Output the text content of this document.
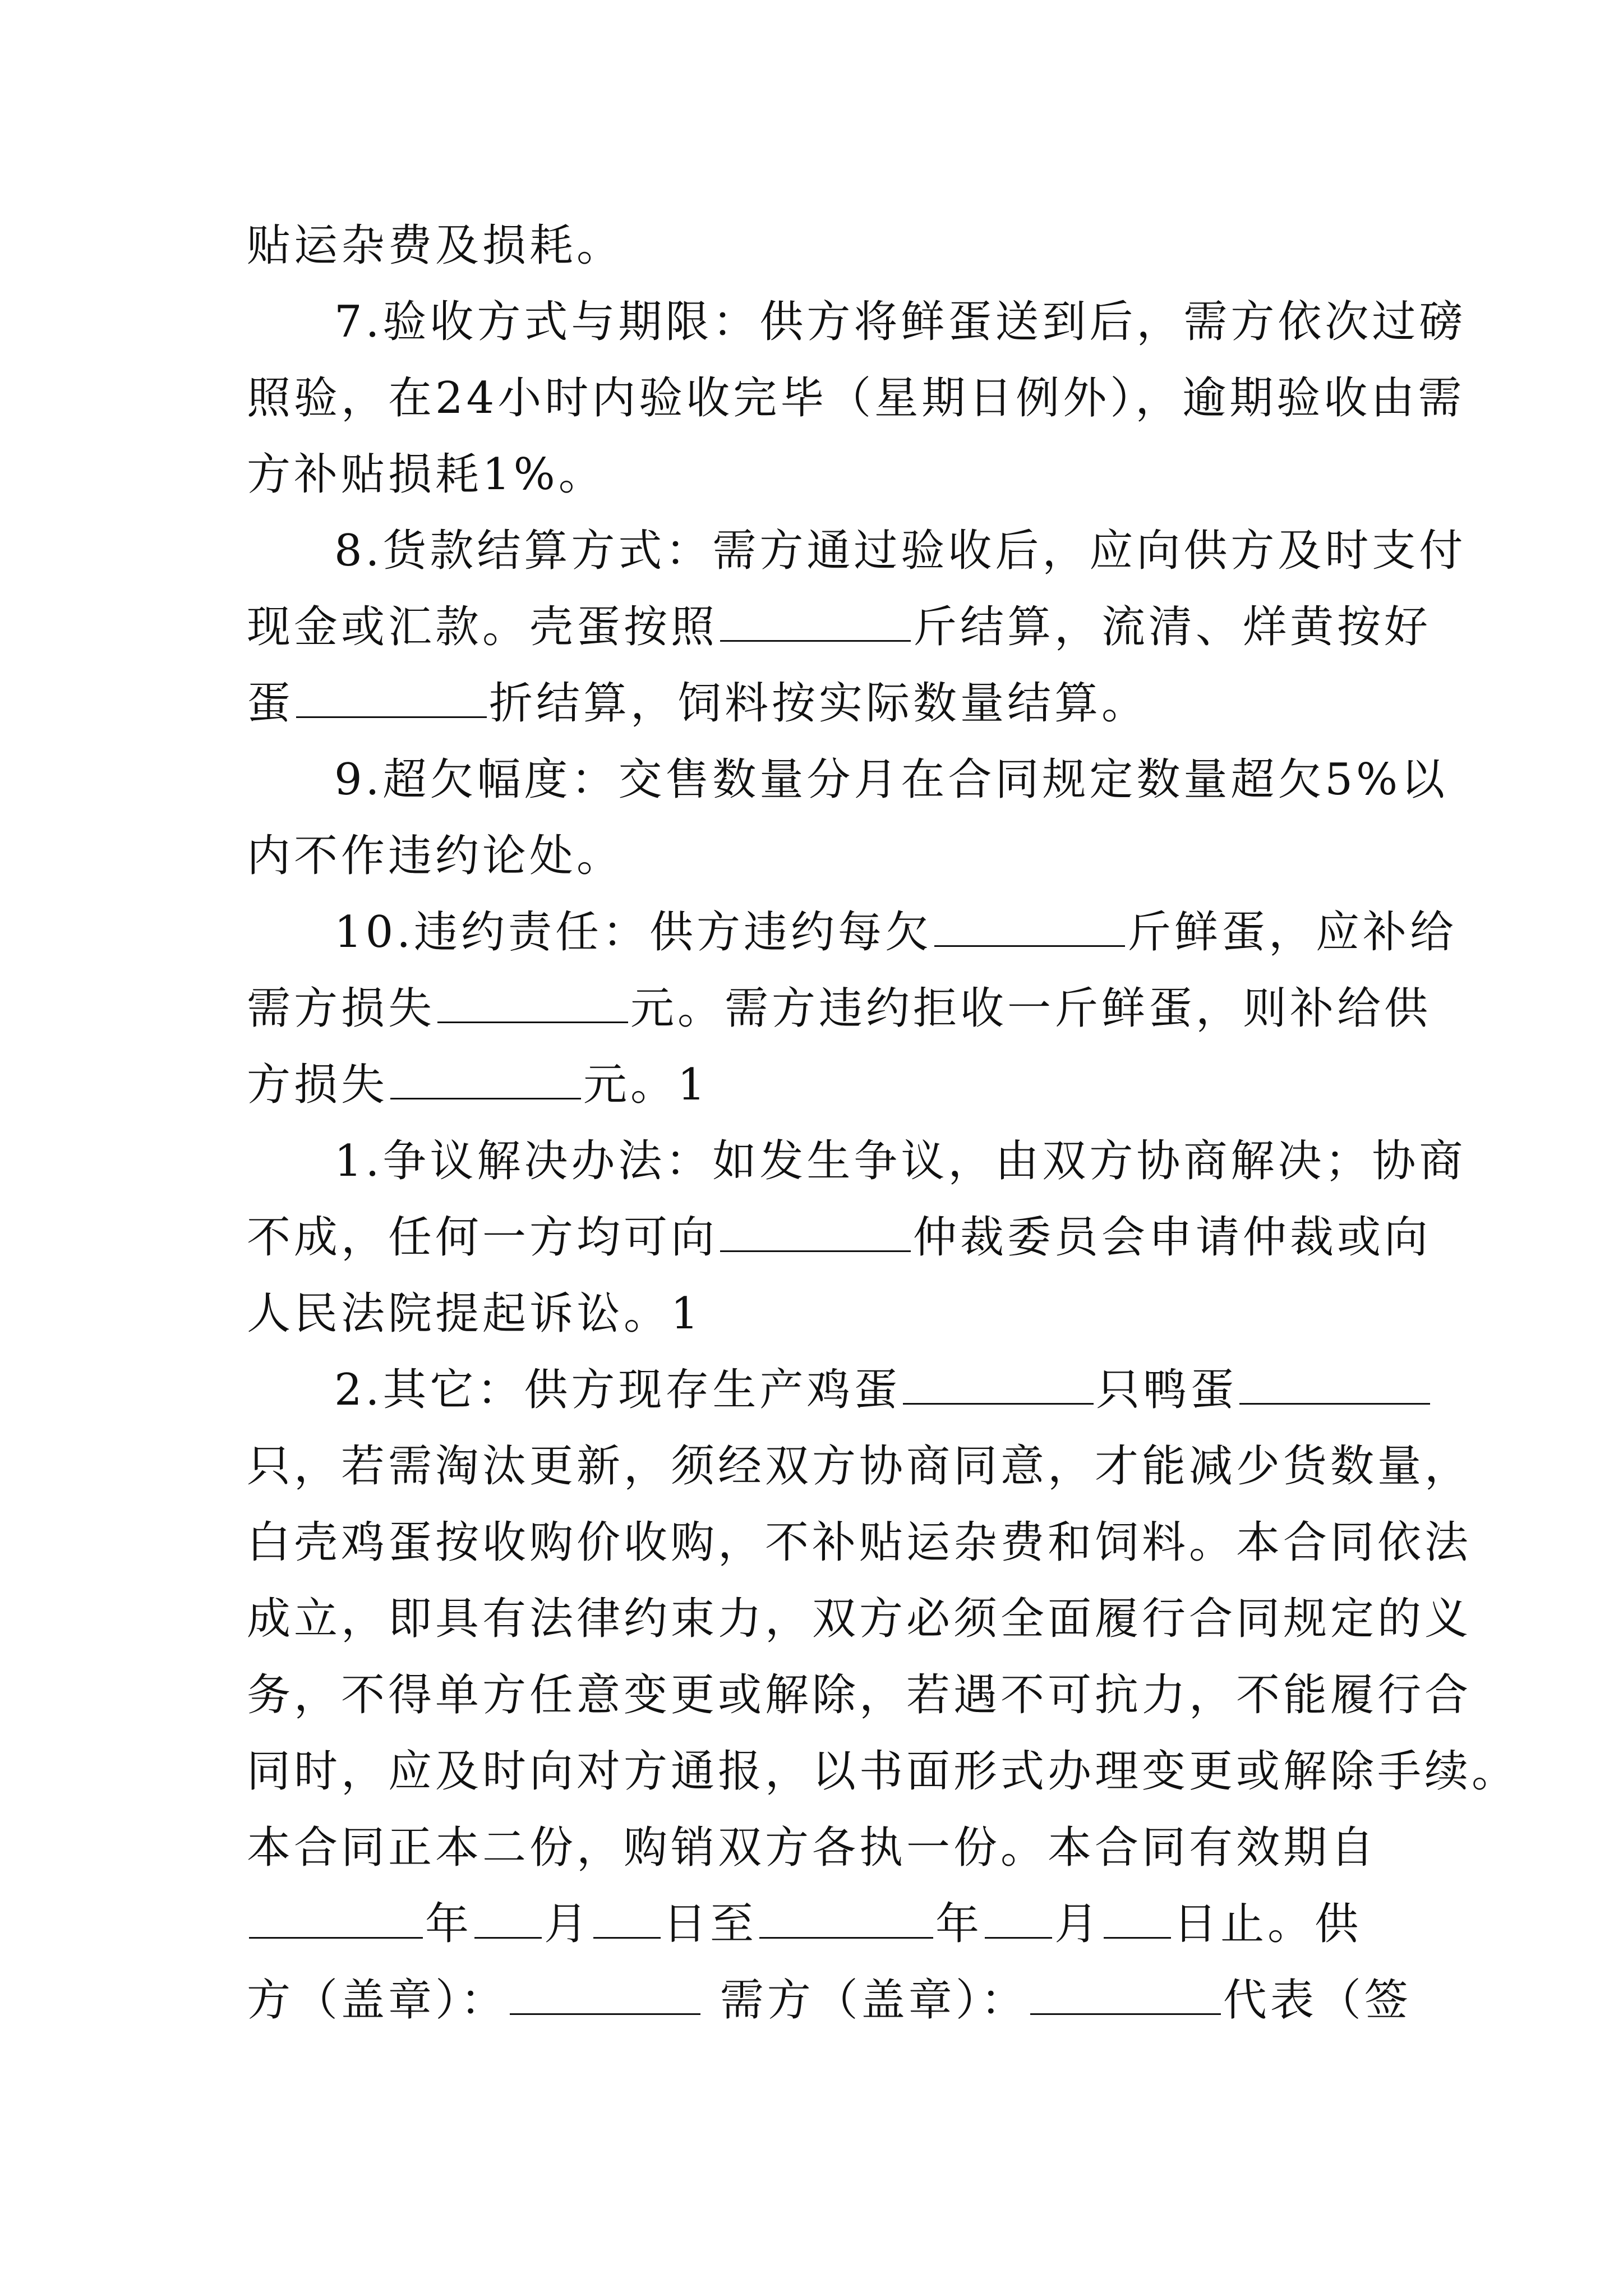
贴运杂费及损耗。
7.验收方式与期限：供方将鲜蛋送到后，需方依次过磅
照验，在24小时内验收完毕（星期日例外），逾期验收由需
方补贴损耗1%。
8.货款结算方式：需方通过验收后，应向供方及时支付
现金或汇款。壳蛋按照	斤结算，流清、烊黄按好
蛋	折结算，饲料按实际数量结算。
9.超欠幅度：交售数量分月在合同规定数量超欠5%以
内不作违约论处。
10.违约责任：供方违约每欠	斤鲜蛋，应补给
需方损失	元。需方违约拒收一斤鲜蛋，则补给供
方损失	元。1
1.争议解决办法：如发生争议，由双方协商解决；协商
不成，任何一方均可向	仲裁委员会申请仲裁或向
人民法院提起诉讼。1
2.其它：供方现存生产鸡蛋	只鸭蛋
只，若需淘汰更新，须经双方协商同意，才能减少货数量，
白壳鸡蛋按收购价收购，不补贴运杂费和饲料。本合同依法
成立，即具有法律约束力，双方必须全面履行合同规定的义
务，不得单方任意变更或解除，若遇不可抗力，不能履行合
同时，应及时向对方通报，以书面形式办理变更或解除手续。
本合同正本二份，购销双方各执一份。本合同有效期自
年 月 日至	年 月 日止。供
方（盖章）：	需方（盖章）：	代表（签
